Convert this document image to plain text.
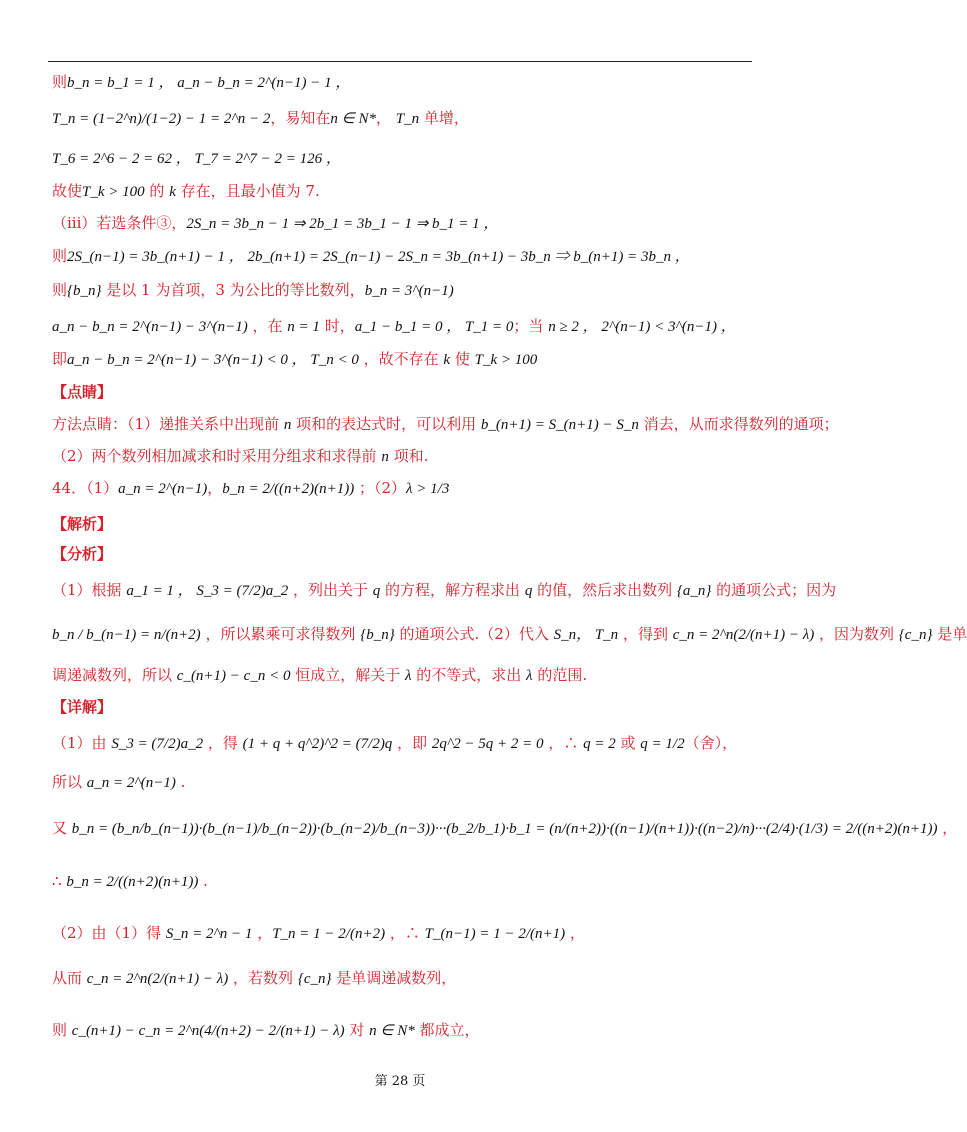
则b_n = b_1 = 1 ， a_n − b_n = 2^(n−1) − 1 ，
T_n = (1−2^n)/(1−2) − 1 = 2^n − 2，易知在n ∈ N*， T_n 单增，
T_6 = 2^6 − 2 = 62 ， T_7 = 2^7 − 2 = 126 ，
故使T_k > 100 的 k 存在，且最小值为 7.
（iii）若选条件③，2S_n = 3b_n − 1 ⇒ 2b_1 = 3b_1 − 1 ⇒ b_1 = 1 ，
则2S_(n−1) = 3b_(n+1) − 1 ， 2b_(n+1) = 2S_(n−1) − 2S_n = 3b_(n+1) − 3b_n ⇒ b_(n+1) = 3b_n ，
则{b_n} 是以 1 为首项，3 为公比的等比数列，b_n = 3^(n−1)
a_n − b_n = 2^(n−1) − 3^(n−1) ，在 n = 1 时，a_1 − b_1 = 0 ， T_1 = 0；当 n ≥ 2 ， 2^(n−1) < 3^(n−1) ，
即a_n − b_n = 2^(n−1) − 3^(n−1) < 0 ， T_n < 0 ，故不存在 k 使 T_k > 100
【点睛】
方法点睛：（1）递推关系中出现前 n 项和的表达式时，可以利用 b_(n+1) = S_(n+1) − S_n 消去，从而求得数列的通项；
（2）两个数列相加减求和时采用分组求和求得前 n 项和.
44．（1）a_n = 2^(n−1)，b_n = 2/((n+2)(n+1)) ；（2）λ > 1/3
【解析】
【分析】
（1）根据 a_1 = 1 ， S_3 = (7/2)a_2 ，列出关于 q 的方程，解方程求出 q 的值，然后求出数列 {a_n} 的通项公式；因为
b_n / b_(n−1) = n/(n+2) ，所以累乘可求得数列 {b_n} 的通项公式.（2）代入 S_n， T_n ，得到 c_n = 2^n(2/(n+1) − λ) ，因为数列 {c_n} 是单
调递减数列，所以 c_(n+1) − c_n < 0 恒成立，解关于 λ 的不等式，求出 λ 的范围.
【详解】
（1）由 S_3 = (7/2)a_2 ，得 (1 + q + q^2)^2 = (7/2)q ，即 2q^2 − 5q + 2 = 0 ，∴ q = 2 或 q = 1/2（舍），
所以 a_n = 2^(n−1) .
又 b_n = (b_n/b_(n−1))·(b_(n−1)/b_(n−2))·(b_(n−2)/b_(n−3))···(b_2/b_1)·b_1 = (n/(n+2))·((n−1)/(n+1))·((n−2)/n)···(2/4)·(1/3) = 2/((n+2)(n+1)) ，
∴ b_n = 2/((n+2)(n+1)) .
（2）由（1）得 S_n = 2^n − 1 ，T_n = 1 − 2/(n+2) ，∴ T_(n−1) = 1 − 2/(n+1) ，
从而 c_n = 2^n(2/(n+1) − λ) ，若数列 {c_n} 是单调递减数列，
则 c_(n+1) − c_n = 2^n(4/(n+2) − 2/(n+1) − λ) 对 n ∈ N* 都成立，
第 28 页
